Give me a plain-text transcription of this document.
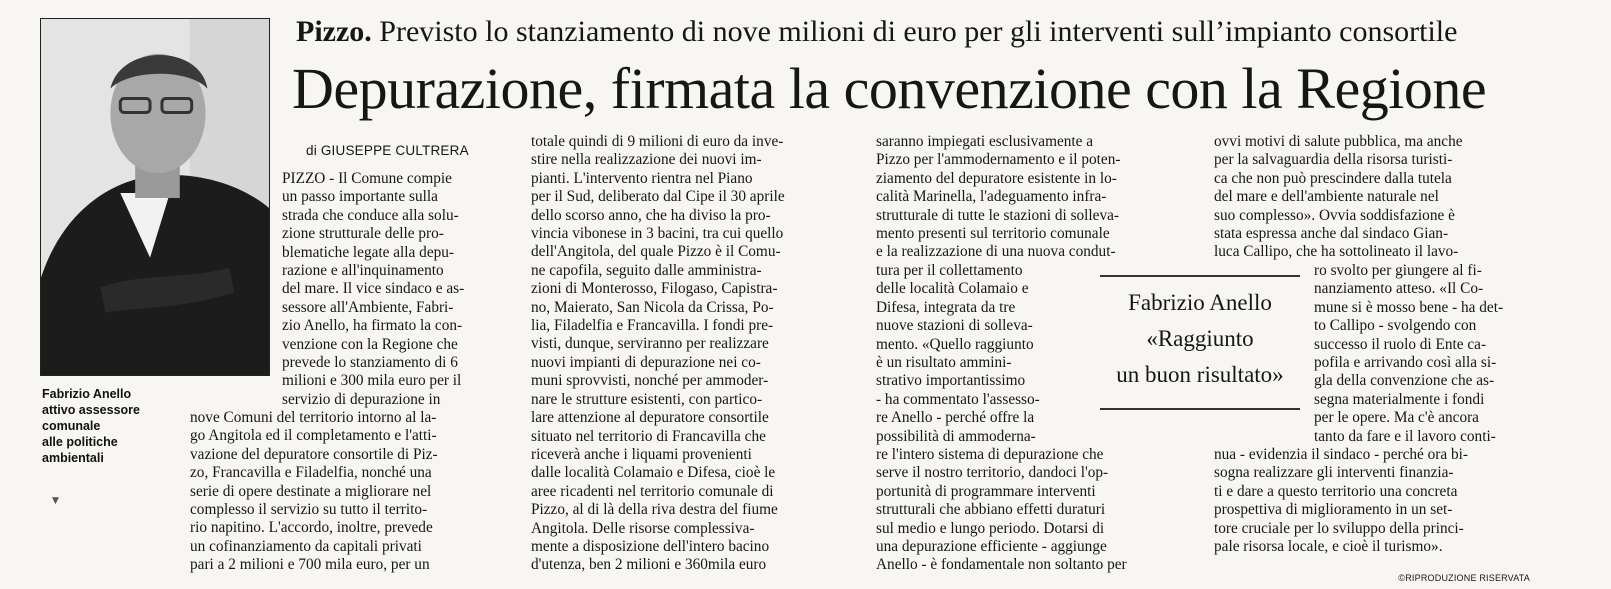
Fabrizio Anello
attivo assessore
comunale
alle politiche
ambientali
▼
Pizzo. Previsto lo stanziamento di nove milioni di euro per gli interventi sull’impianto consortile
Depurazione, firmata la convenzione con la Regione
di GIUSEPPE CULTRERA
PIZZO - Il Comune compie
un passo importante sulla
strada che conduce alla solu-
zione strutturale delle pro-
blematiche legate alla depu-
razione e all'inquinamento
del mare. Il vice sindaco e as-
sessore all'Ambiente, Fabri-
zio Anello, ha firmato la con-
venzione con la Regione che
prevede lo stanziamento di 6
milioni e 300 mila euro per il
servizio di depurazione in
nove Comuni del territorio intorno al la-
go Angitola ed il completamento e l'atti-
vazione del depuratore consortile di Piz-
zo, Francavilla e Filadelfia, nonché una
serie di opere destinate a migliorare nel
complesso il servizio su tutto il territo-
rio napitino. L'accordo, inoltre, prevede
un cofinanziamento da capitali privati
pari a 2 milioni e 700 mila euro, per un
totale quindi di 9 milioni di euro da inve-
stire nella realizzazione dei nuovi im-
pianti. L'intervento rientra nel Piano
per il Sud, deliberato dal Cipe il 30 aprile
dello scorso anno, che ha diviso la pro-
vincia vibonese in 3 bacini, tra cui quello
dell'Angitola, del quale Pizzo è il Comu-
ne capofila, seguito dalle amministra-
zioni di Monterosso, Filogaso, Capistra-
no, Maierato, San Nicola da Crissa, Po-
lia, Filadelfia e Francavilla. I fondi pre-
visti, dunque, serviranno per realizzare
nuovi impianti di depurazione nei co-
muni sprovvisti, nonché per ammoder-
nare le strutture esistenti, con partico-
lare attenzione al depuratore consortile
situato nel territorio di Francavilla che
riceverà anche i liquami provenienti
dalle località Colamaio e Difesa, cioè le
aree ricadenti nel territorio comunale di
Pizzo, al di là della riva destra del fiume
Angitola. Delle risorse complessiva-
mente a disposizione dell'intero bacino
d'utenza, ben 2 milioni e 360mila euro
saranno impiegati esclusivamente a
Pizzo per l'ammodernamento e il poten-
ziamento del depuratore esistente in lo-
calità Marinella, l'adeguamento infra-
strutturale di tutte le stazioni di solleva-
mento presenti sul territorio comunale
e la realizzazione di una nuova condut-
tura per il collettamento
delle località Colamaio e
Difesa, integrata da tre
nuove stazioni di solleva-
mento. «Quello raggiunto
è un risultato ammini-
strativo importantissimo
- ha commentato l'assesso-
re Anello - perché offre la
possibilità di ammoderna-
re l'intero sistema di depurazione che
serve il nostro territorio, dandoci l'op-
portunità di programmare interventi
strutturali che abbiano effetti duraturi
sul medio e lungo periodo. Dotarsi di
una depurazione efficiente - aggiunge
Anello - è fondamentale non soltanto per
Fabrizio Anello
«Raggiunto
un buon risultato»
ovvi motivi di salute pubblica, ma anche
per la salvaguardia della risorsa turisti-
ca che non può prescindere dalla tutela
del mare e dell'ambiente naturale nel
suo complesso». Ovvia soddisfazione è
stata espressa anche dal sindaco Gian-
luca Callipo, che ha sottolineato il lavo-
ro svolto per giungere al fi-
nanziamento atteso. «Il Co-
mune si è mosso bene - ha det-
to Callipo - svolgendo con
successo il ruolo di Ente ca-
pofila e arrivando così alla si-
gla della convenzione che as-
segna materialmente i fondi
per le opere. Ma c'è ancora
tanto da fare e il lavoro conti-
nua - evidenzia il sindaco - perché ora bi-
sogna realizzare gli interventi finanzia-
ti e dare a questo territorio una concreta
prospettiva di miglioramento in un set-
tore cruciale per lo sviluppo della princi-
pale risorsa locale, e cioè il turismo».
©RIPRODUZIONE RISERVATA
